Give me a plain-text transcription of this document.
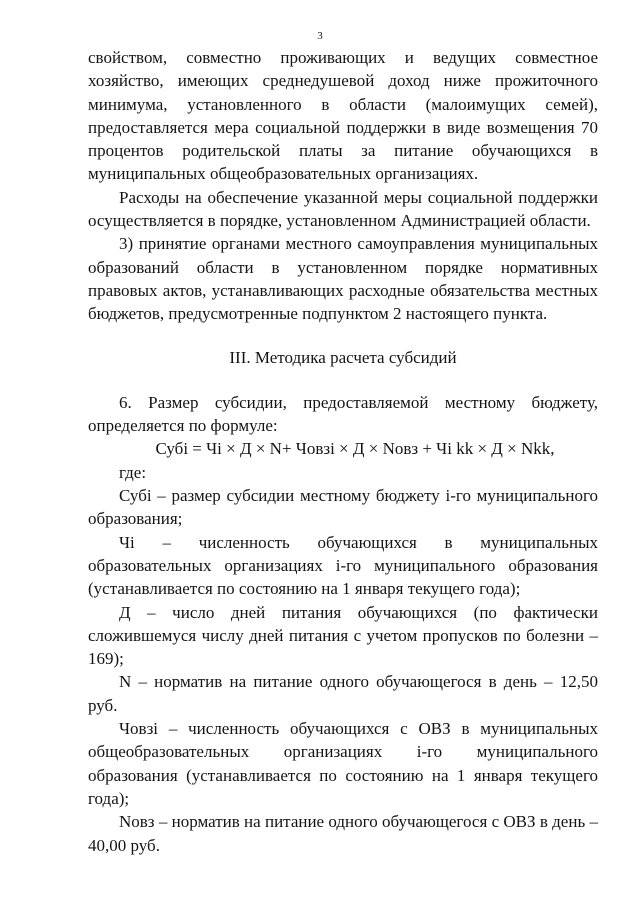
3

свойством, совместно проживающих и ведущих совместное хозяйство, имеющих среднедушевой доход ниже прожиточного минимума, установленного в области (малоимущих семей), предоставляется мера социальной поддержки в виде возмещения 70 процентов родительской платы за питание обучающихся в муниципальных общеобразовательных организациях.

Расходы на обеспечение указанной меры социальной поддержки осуществляется в порядке, установленном Администрацией области.

3) принятие органами местного самоуправления муниципальных образований области в установленном порядке нормативных правовых актов, устанавливающих расходные обязательства местных бюджетов, предусмотренные подпунктом 2 настоящего пункта.

III. Методика расчета субсидий

6. Размер субсидии, предоставляемой местному бюджету, определяется по формуле:

Субi = Чi × Д × N+ Човзi × Д × Nовз + Чi kk × Д × Nkk,

где:

Субi – размер субсидии местному бюджету i-го муниципального образования;

Чi – численность обучающихся в муниципальных образовательных организациях i-го муниципального образования (устанавливается по состоянию на 1 января текущего года);

Д – число дней питания обучающихся (по фактически сложившемуся числу дней питания с учетом пропусков по болезни – 169);

N – норматив на питание одного обучающегося в день – 12,50 руб.

Човзi – численность обучающихся с ОВЗ в муниципальных общеобразовательных организациях i-го муниципального образования (устанавливается по состоянию на 1 января текущего года);

Nовз – норматив на питание одного обучающегося с ОВЗ в день – 40,00 руб.
